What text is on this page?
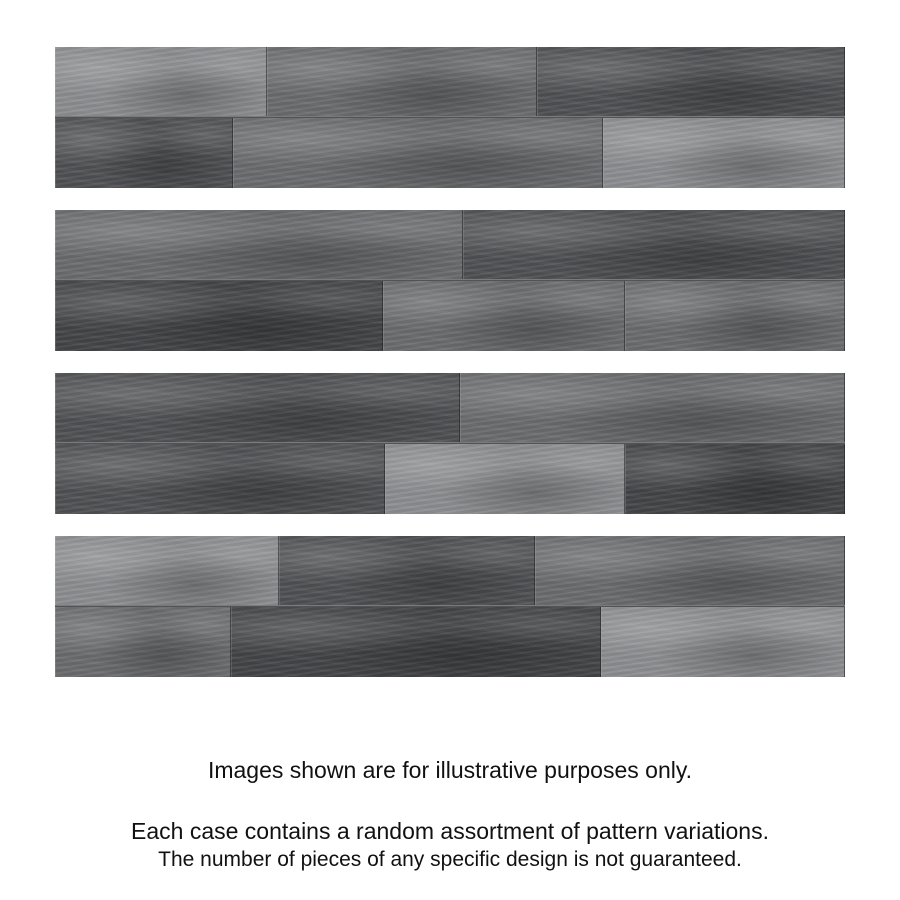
Images shown are for illustrative purposes only.

Each case contains a random assortment of pattern variations.

The number of pieces of any specific design is not guaranteed.
